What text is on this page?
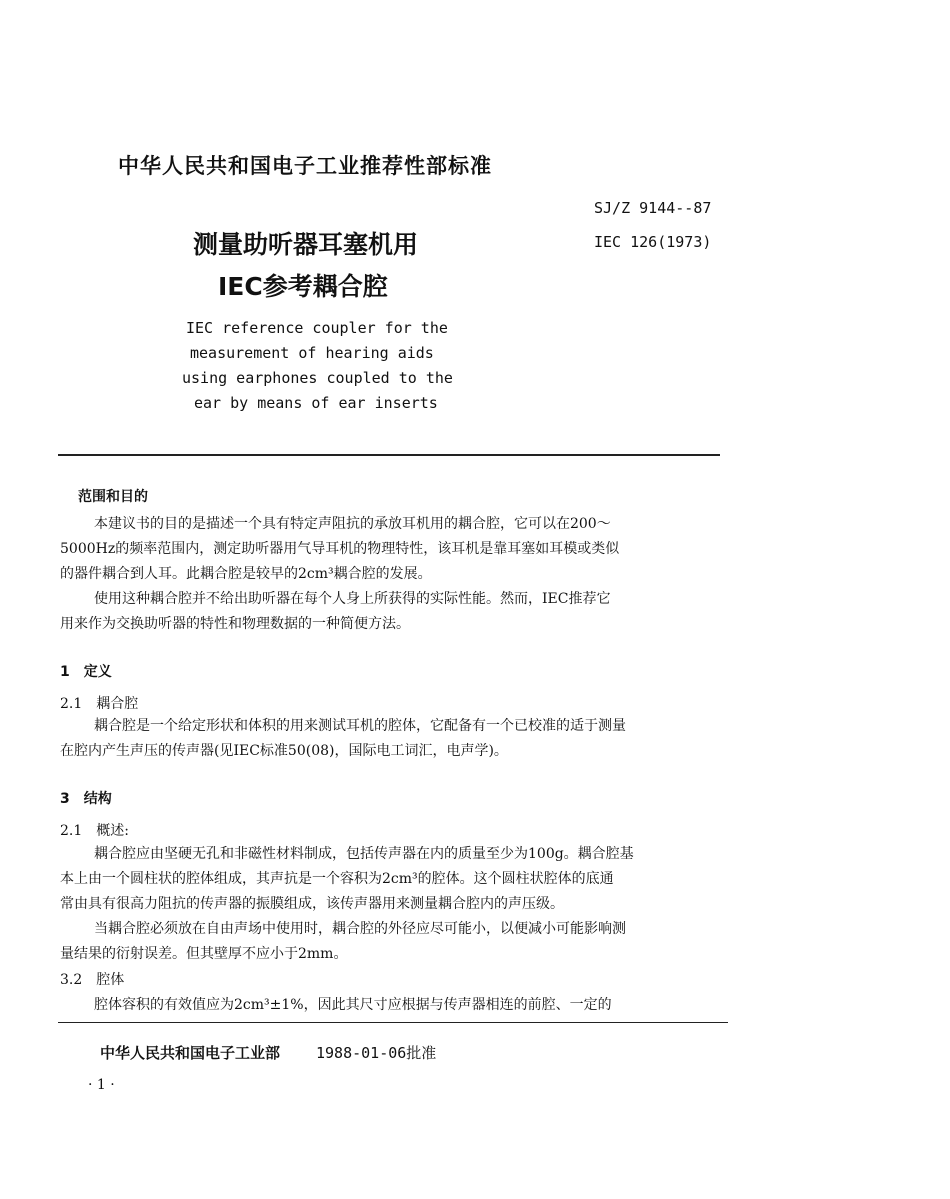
中华人民共和国电子工业推荐性部标准
SJ/Z 9144--87
IEC 126(1973)
测量助听器耳塞机用
IEC参考耦合腔
IEC reference coupler for the
measurement of hearing aids
using earphones coupled to the
ear by means of ear inserts
范围和目的
本建议书的目的是描述一个具有特定声阻抗的承放耳机用的耦合腔，它可以在200～
5000Hz的频率范围内，测定助听器用气导耳机的物理特性，该耳机是靠耳塞如耳模或类似
的器件耦合到人耳。此耦合腔是较早的2cm³耦合腔的发展。
使用这种耦合腔并不给出助听器在每个人身上所获得的实际性能。然而，IEC推荐它
用来作为交换助听器的特性和物理数据的一种简便方法。
1　定义
2.1　耦合腔
耦合腔是一个给定形状和体积的用来测试耳机的腔体，它配备有一个已校准的适于测量
在腔内产生声压的传声器(见IEC标准50(08)，国际电工词汇，电声学)。
3　结构
2.1　概述:
耦合腔应由坚硬无孔和非磁性材料制成，包括传声器在内的质量至少为100g。耦合腔基
本上由一个圆柱状的腔体组成，其声抗是一个容积为2cm³的腔体。这个圆柱状腔体的底通
常由具有很高力阻抗的传声器的振膜组成，该传声器用来测量耦合腔内的声压级。
当耦合腔必须放在自由声场中使用时，耦合腔的外径应尽可能小，以便减小可能影响测
量结果的衍射误差。但其壁厚不应小于2mm。
3.2　腔体
腔体容积的有效值应为2cm³±1%，因此其尺寸应根据与传声器相连的前腔、一定的
中华人民共和国电子工业部 1988-01-06批准
· 1 ·
